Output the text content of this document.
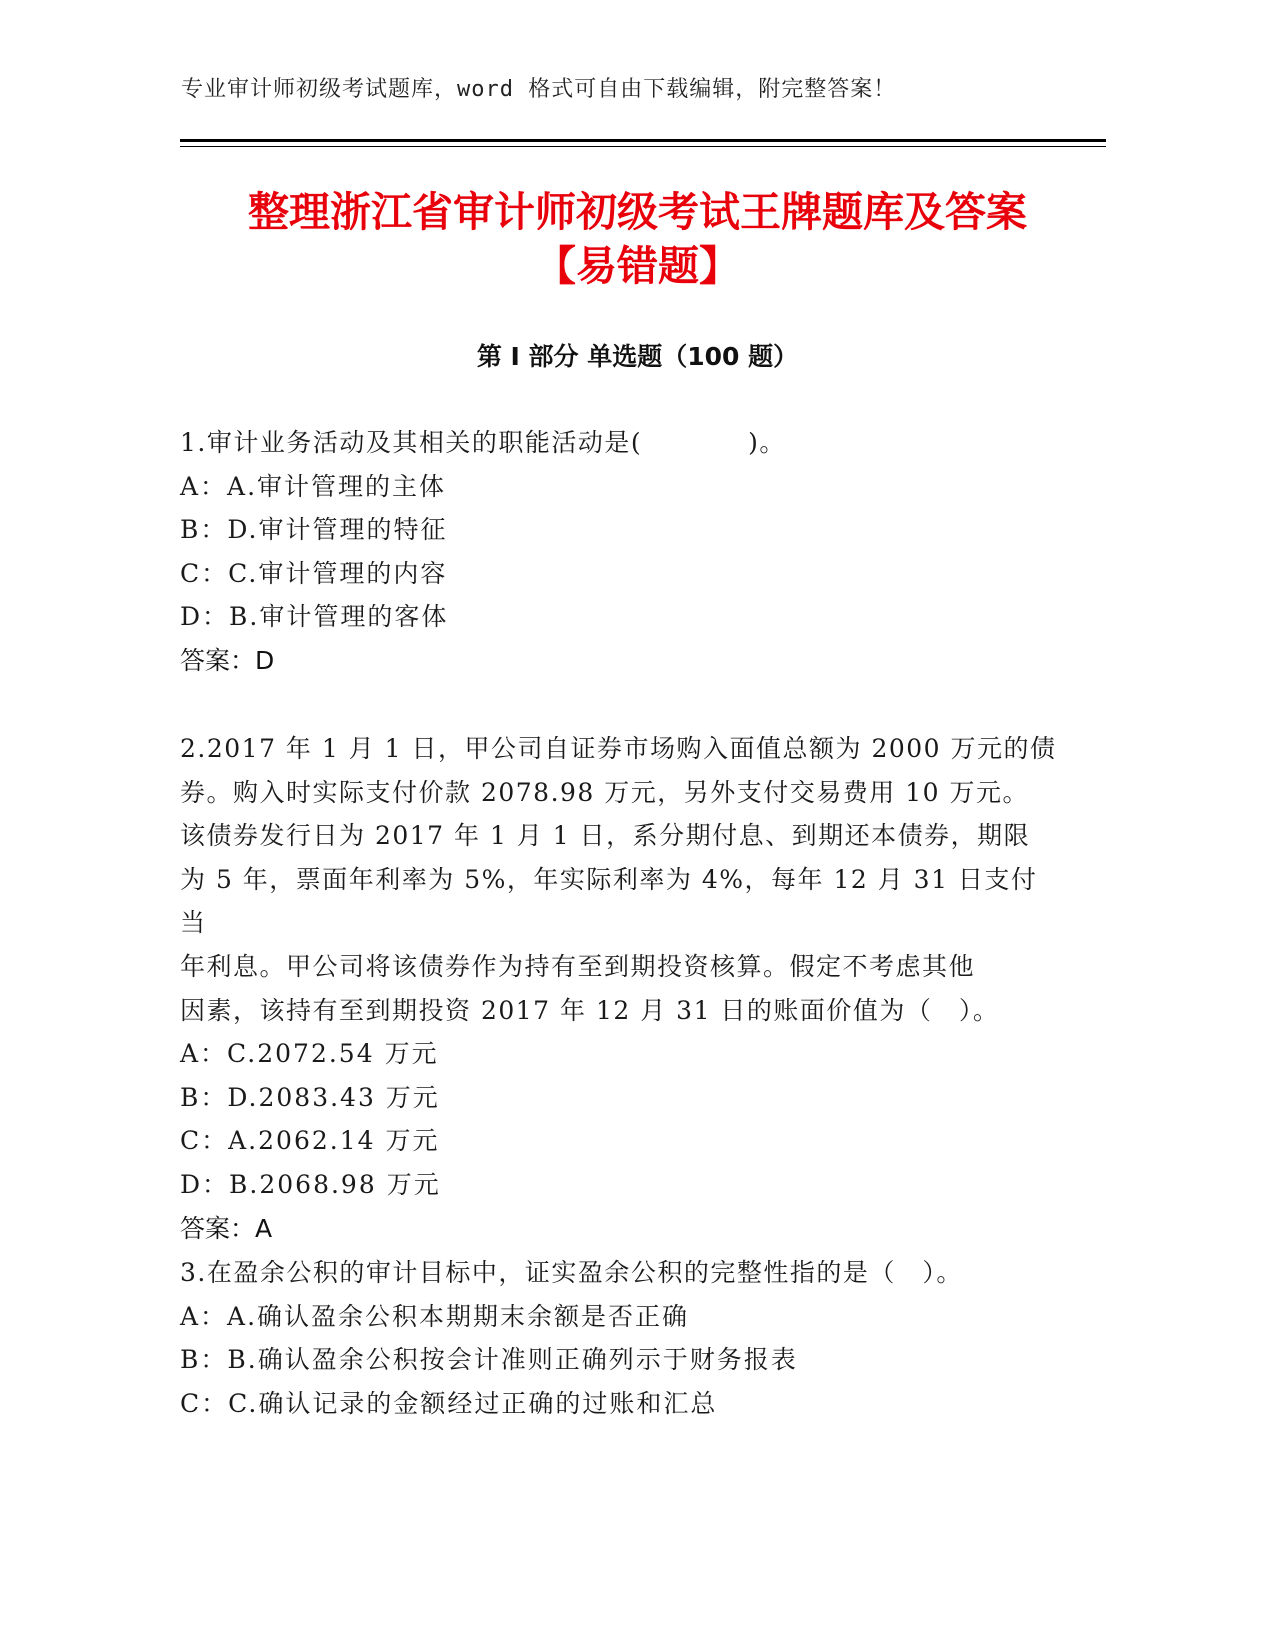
专业审计师初级考试题库，word 格式可自由下载编辑，附完整答案！
整理浙江省审计师初级考试王牌题库及答案
【易错题】
第 I 部分 单选题（100 题）

1.审计业务活动及其相关的职能活动是(　　　　)。

A：A.审计管理的主体

B：D.审计管理的特征

C：C.审计管理的内容

D：B.审计管理的客体

答案：D

2.2017 年 1 月 1 日，甲公司自证券市场购入面值总额为 2000 万元的债

券。购入时实际支付价款 2078.98 万元，另外支付交易费用 10 万元。

该债券发行日为 2017 年 1 月 1 日，系分期付息、到期还本债券，期限

为 5 年，票面年利率为 5%，年实际利率为 4%，每年 12 月 31 日支付当

年利息。甲公司将该债券作为持有至到期投资核算。假定不考虑其他

因素，该持有至到期投资 2017 年 12 月 31 日的账面价值为（　）。

A：C.2072.54 万元

B：D.2083.43 万元

C：A.2062.14 万元

D：B.2068.98 万元

答案：A

3.在盈余公积的审计目标中，证实盈余公积的完整性指的是（　）。

A：A.确认盈余公积本期期末余额是否正确

B：B.确认盈余公积按会计准则正确列示于财务报表

C：C.确认记录的金额经过正确的过账和汇总
